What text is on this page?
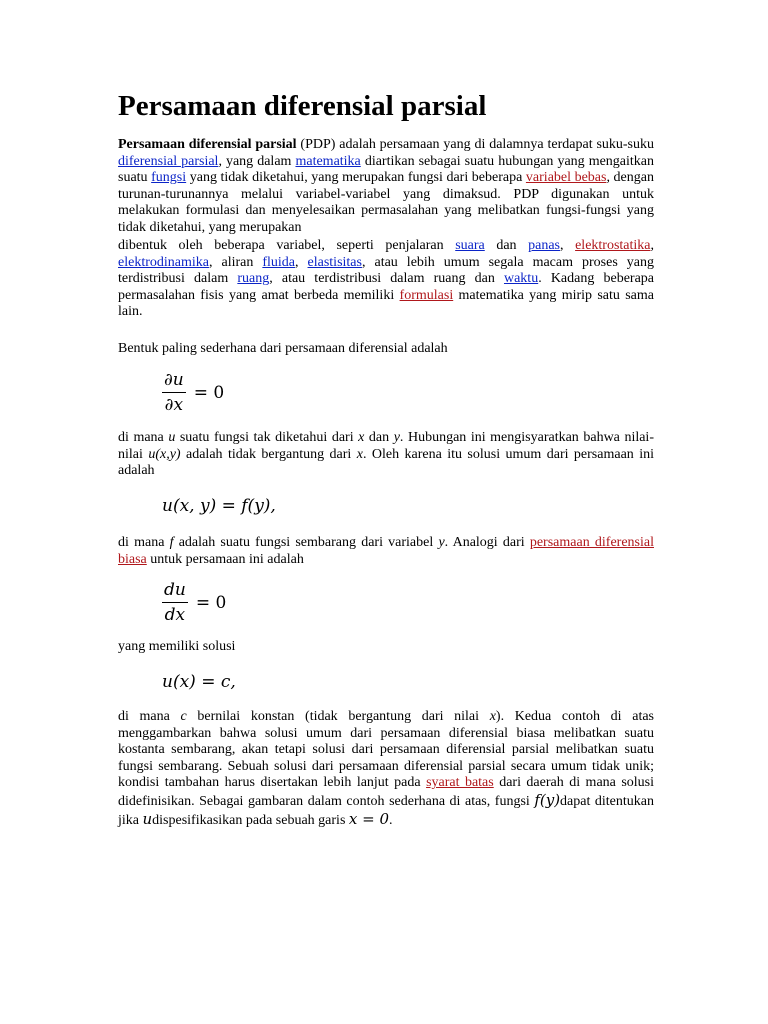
Persamaan diferensial parsial

Persamaan diferensial parsial (PDP) adalah persamaan yang di dalamnya terdapat suku-suku diferensial parsial, yang dalam matematika diartikan sebagai suatu hubungan yang mengaitkan suatu fungsi yang tidak diketahui, yang merupakan fungsi dari beberapa variabel bebas, dengan turunan-turunannya melalui variabel-variabel yang dimaksud. PDP digunakan untuk melakukan formulasi dan menyelesaikan permasalahan yang melibatkan fungsi-fungsi yang tidak diketahui, yang merupakan

dibentuk oleh beberapa variabel, seperti penjalaran suara dan panas, elektrostatika, elektrodinamika, aliran fluida, elastisitas, atau lebih umum segala macam proses yang terdistribusi dalam ruang, atau terdistribusi dalam ruang dan waktu. Kadang beberapa permasalahan fisis yang amat berbeda memiliki formulasi matematika yang mirip satu sama lain.

Bentuk paling sederhana dari persamaan diferensial adalah

$\frac{\partial u}{\partial x} = 0$

di mana u suatu fungsi tak diketahui dari x dan y. Hubungan ini mengisyaratkan bahwa nilai-nilai u(x,y) adalah tidak bergantung dari x. Oleh karena itu solusi umum dari persamaan ini adalah

u(x, y) = f(y),

di mana f adalah suatu fungsi sembarang dari variabel y. Analogi dari persamaan diferensial biasa untuk persamaan ini adalah

$\frac{du}{dx} = 0$

yang memiliki solusi

u(x) = c,

di mana c bernilai konstan (tidak bergantung dari nilai x). Kedua contoh di atas menggambarkan bahwa solusi umum dari persamaan diferensial biasa melibatkan suatu kostanta sembarang, akan tetapi solusi dari persamaan diferensial parsial melibatkan suatu fungsi sembarang. Sebuah solusi dari persamaan diferensial parsial secara umum tidak unik; kondisi tambahan harus disertakan lebih lanjut pada syarat batas dari daerah di mana solusi didefinisikan. Sebagai gambaran dalam contoh sederhana di atas, fungsi f(y)dapat ditentukan jika udispesifikasikan pada sebuah garis x = 0.
